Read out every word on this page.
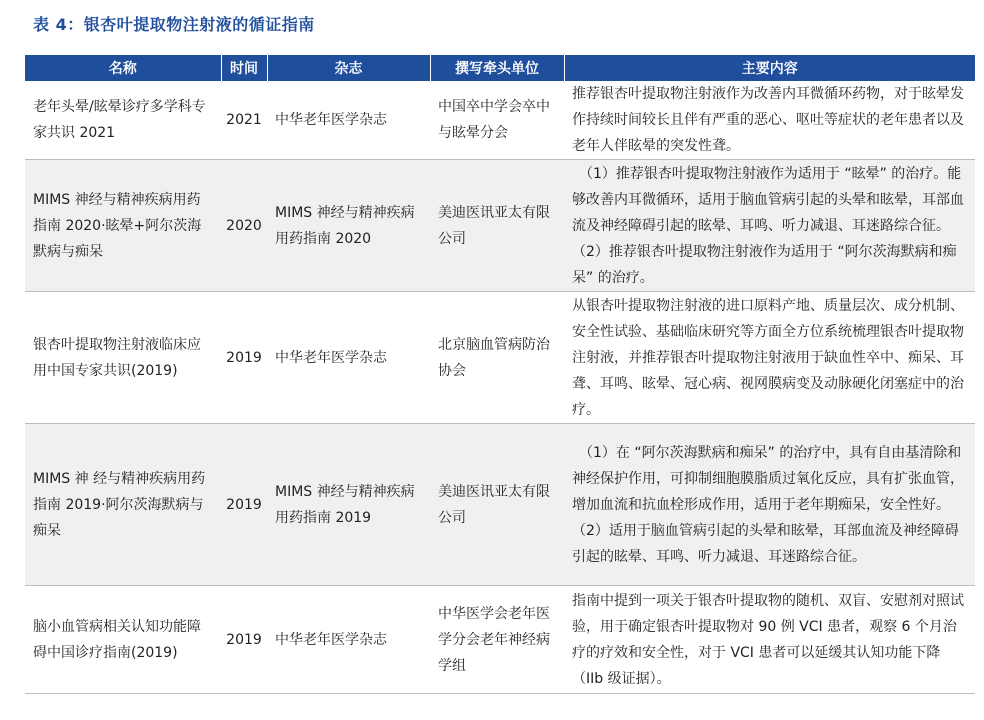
表 4：银杏叶提取物注射液的循证指南
名称	时间	杂志	撰写牵头单位	主要内容
老年头晕/眩晕诊疗多学科专家共识 2021	2021	中华老年医学杂志	中国卒中学会卒中与眩晕分会	推荐银杏叶提取物注射液作为改善内耳微循环药物，对于眩晕发作持续时间较长且伴有严重的恶心、呕吐等症状的老年患者以及老年人伴眩晕的突发性聋。
MIMS 神经与精神疾病用药指南 2020·眩晕+阿尔茨海默病与痴呆	2020	MIMS 神经与精神疾病用药指南 2020	美迪医讯亚太有限公司	（1）推荐银杏叶提取物注射液作为适用于 “眩晕” 的治疗。能够改善内耳微循环，适用于脑血管病引起的头晕和眩晕，耳部血流及神经障碍引起的眩晕、耳鸣、听力减退、耳迷路综合征。（2）推荐银杏叶提取物注射液作为适用于 “阿尔茨海默病和痴呆” 的治疗。
银杏叶提取物注射液临床应用中国专家共识(2019)	2019	中华老年医学杂志	北京脑血管病防治协会	从银杏叶提取物注射液的进口原料产地、质量层次、成分机制、安全性试验、基础临床研究等方面全方位系统梳理银杏叶提取物注射液，并推荐银杏叶提取物注射液用于缺血性卒中、痴呆、耳聋、耳鸣、眩晕、冠心病、视网膜病变及动脉硬化闭塞症中的治疗。
MIMS 神 经与精神疾病用药指南 2019·阿尔茨海默病与痴呆	2019	MIMS 神经与精神疾病用药指南 2019	美迪医讯亚太有限公司	（1）在 “阿尔茨海默病和痴呆” 的治疗中，具有自由基清除和神经保护作用，可抑制细胞膜脂质过氧化反应，具有扩张血管，增加血流和抗血栓形成作用，适用于老年期痴呆，安全性好。（2）适用于脑血管病引起的头晕和眩晕，耳部血流及神经障碍引起的眩晕、耳鸣、听力减退、耳迷路综合征。
脑小血管病相关认知功能障碍中国诊疗指南(2019)	2019	中华老年医学杂志	中华医学会老年医学分会老年神经病学组	指南中提到一项关于银杏叶提取物的随机、双盲、安慰剂对照试验，用于确定银杏叶提取物对 90 例 VCI 患者，观察 6 个月治疗的疗效和安全性，对于 VCI 患者可以延缓其认知功能下降（IIb 级证据）。
